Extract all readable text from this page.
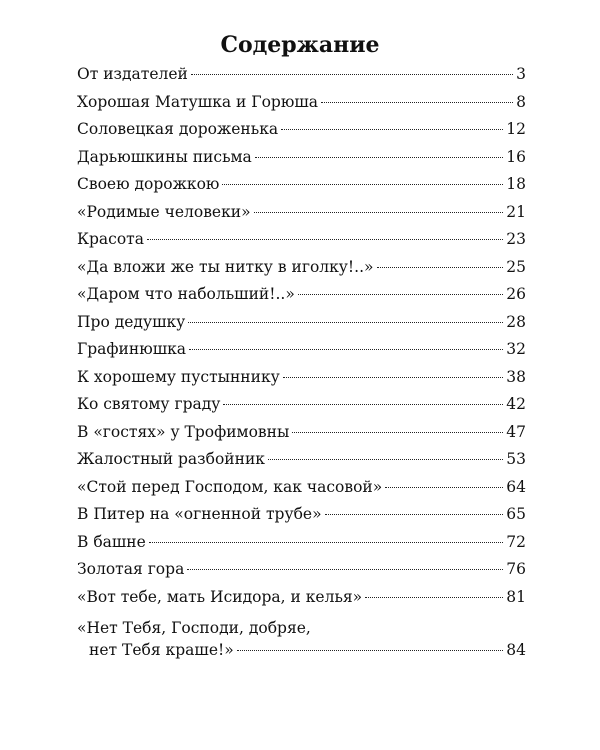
Содержание
От издателей	3
Хорошая Матушка и Горюша	8
Соловецкая дороженька	12
Дарьюшкины письма	16
Своею дорожкою	18
«Родимые человеки»	21
Красота	23
«Да вложи же ты нитку в иголку!..»	25
«Даром что набольший!..»	26
Про дедушку	28
Графинюшка	32
К хорошему пустыннику	38
Ко святому граду	42
В «гостях» у Трофимовны	47
Жалостный разбойник	53
«Стой перед Господом, как часовой»	64
В Питер на «огненной трубе»	65
В башне	72
Золотая гора	76
«Вот тебе, мать Исидора, и келья»	81
«Нет Тебя, Господи, добряе,
нет Тебя краше!»	84
